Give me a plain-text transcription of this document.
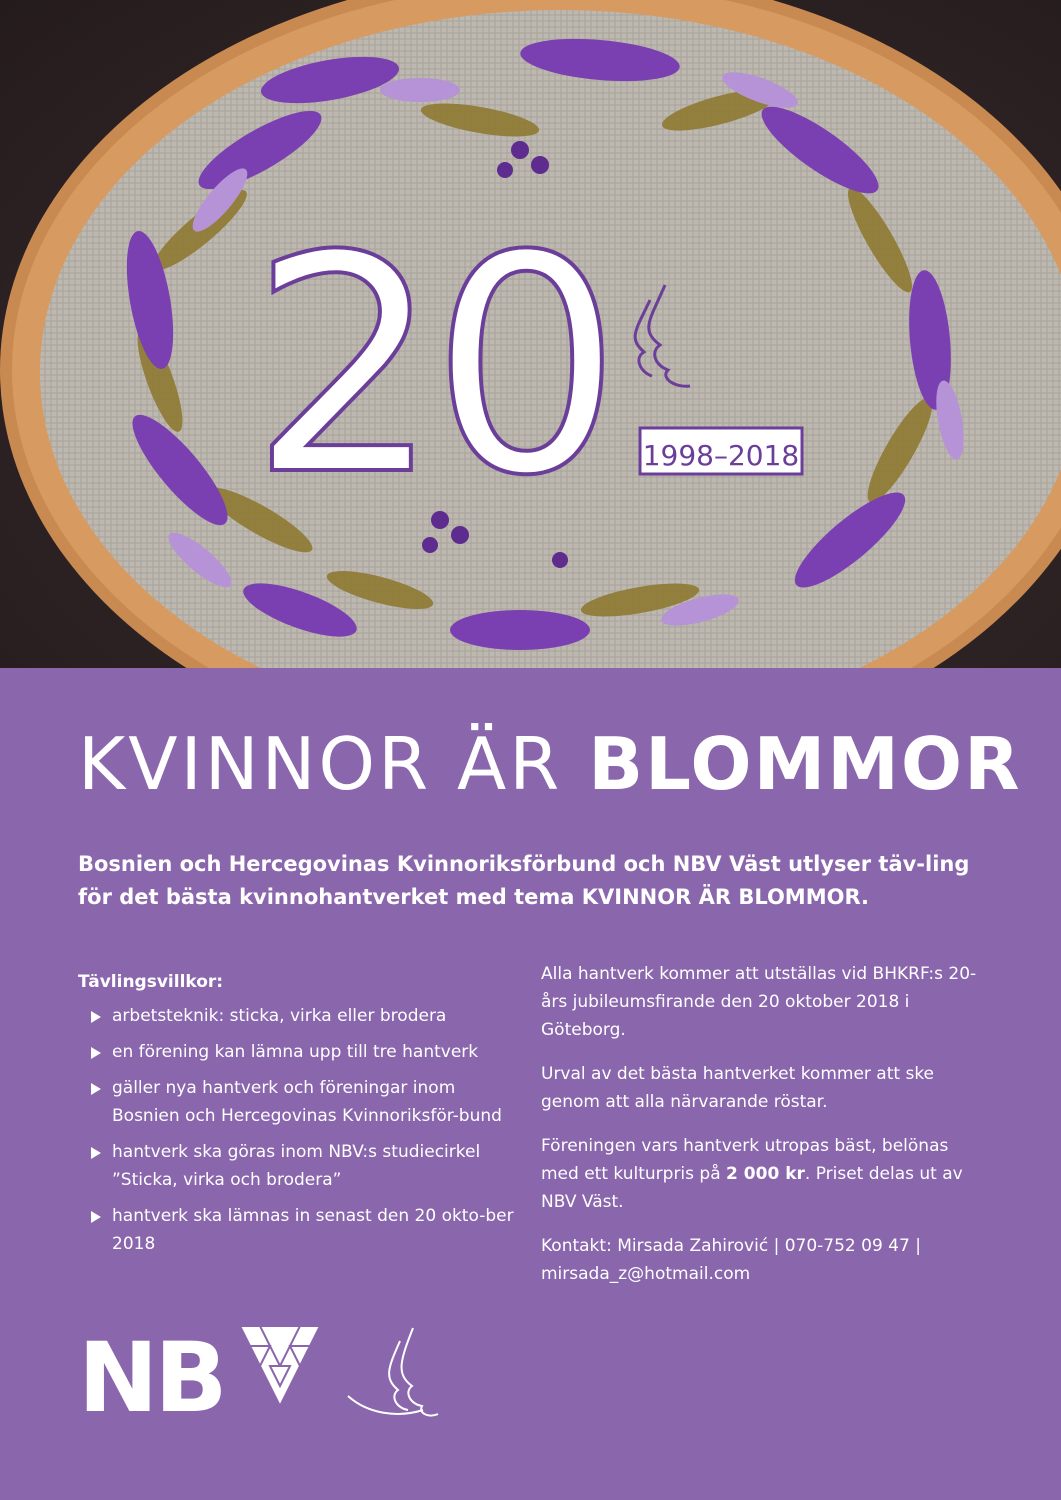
20 1998–2018
KVINNOR ÄR BLOMMOR
Bosnien och Hercegovinas Kvinnoriksförbund och NBV Väst utlyser täv-ling för det bästa kvinnohantverket med tema KVINNOR ÄR BLOMMOR.
Tävlingsvillkor:
arbetsteknik: sticka, virka eller brodera
en förening kan lämna upp till tre hantverk
gäller nya hantverk och föreningar inom Bosnien och Hercegovinas Kvinnoriksför-bund
hantverk ska göras inom NBV:s studiecirkel ”Sticka, virka och brodera”
hantverk ska lämnas in senast den 20 okto-ber 2018

Alla hantverk kommer att utställas vid BHKRF:s 20-års jubileumsfirande den 20 oktober 2018 i Göteborg.

Urval av det bästa hantverket kommer att ske genom att alla närvarande röstar.

Föreningen vars hantverk utropas bäst, belönas med ett kulturpris på 2 000 kr. Priset delas ut av NBV Väst.

Kontakt: Mirsada Zahirović | 070-752 09 47 | mirsada_z@hotmail.com

NB
